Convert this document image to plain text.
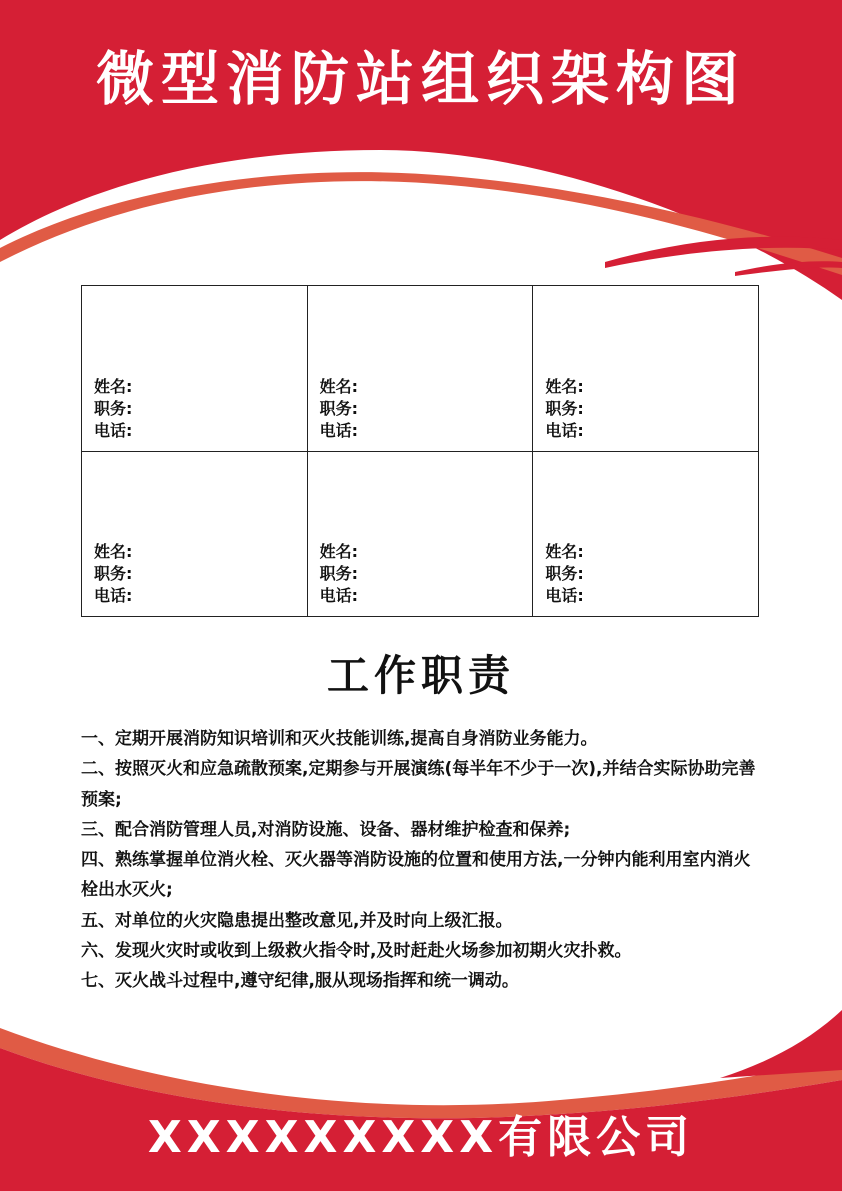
微型消防站组织架构图
姓名:
职务:
电话:
姓名:
职务:
电话:
姓名:
职务:
电话:
姓名:
职务:
电话:
姓名:
职务:
电话:
姓名:
职务:
电话:
工作职责
一、定期开展消防知识培训和灭火技能训练,提高自身消防业务能力。
二、按照灭火和应急疏散预案,定期参与开展演练(每半年不少于一次),并结合实际协助完善预案;
三、配合消防管理人员,对消防设施、设备、器材维护检查和保养;
四、熟练掌握单位消火栓、灭火器等消防设施的位置和使用方法,一分钟内能利用室内消火栓出水灭火;
五、对单位的火灾隐患提出整改意见,并及时向上级汇报。
六、发现火灾时或收到上级救火指令时,及时赶赴火场参加初期火灾扑救。
七、灭火战斗过程中,遵守纪律,服从现场指挥和统一调动。
XXXXXXXXX有限公司
